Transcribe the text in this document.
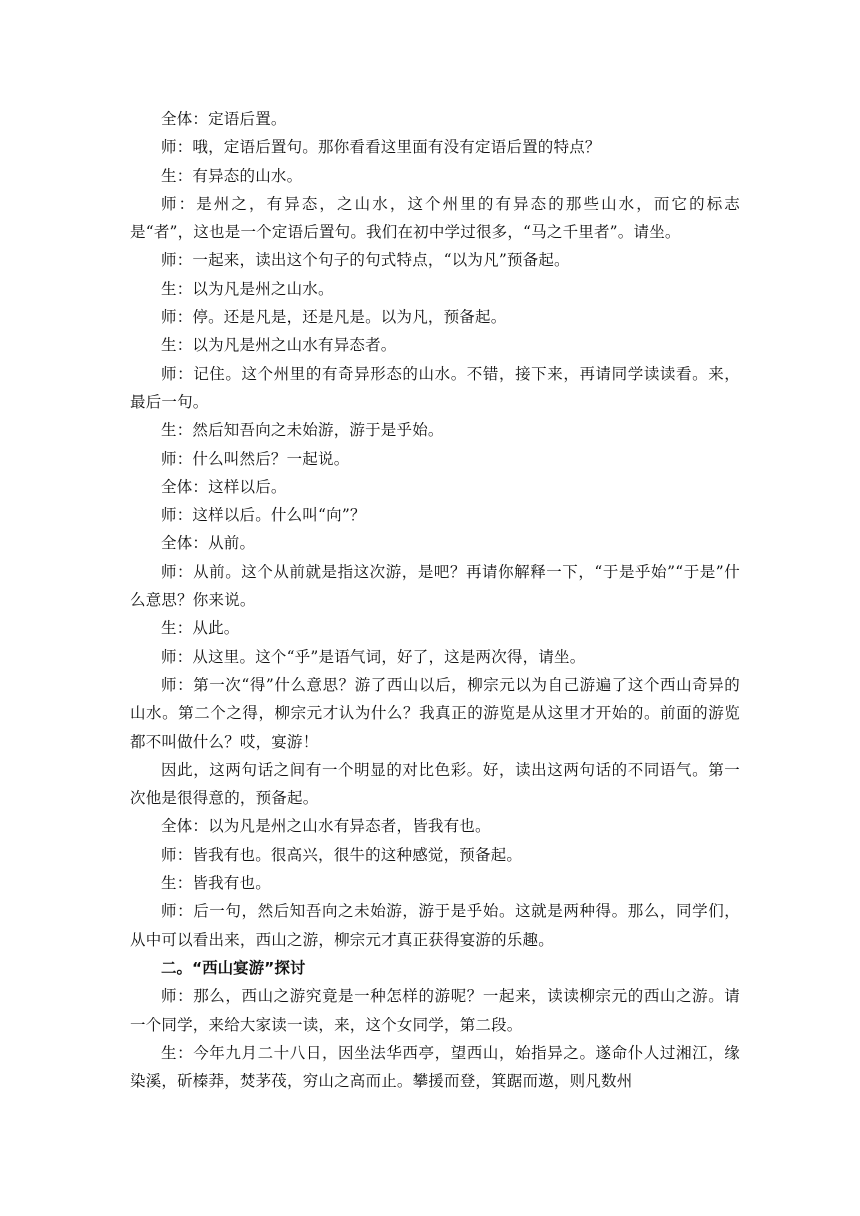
全体：定语后置。

师：哦，定语后置句。那你看看这里面有没有定语后置的特点？

生：有异态的山水。

师：是州之，有异态，之山水，这个州里的有异态的那些山水，而它的标志是“者”，这也是一个定语后置句。我们在初中学过很多，“马之千里者”。请坐。

师：一起来，读出这个句子的句式特点，“以为凡”预备起。

生：以为凡是州之山水。

师：停。还是凡是，还是凡是。以为凡，预备起。

生：以为凡是州之山水有异态者。

师：记住。这个州里的有奇异形态的山水。不错，接下来，再请同学读读看。来，最后一句。

生：然后知吾向之未始游，游于是乎始。

师：什么叫然后？一起说。

全体：这样以后。

师：这样以后。什么叫“向”？

全体：从前。

师：从前。这个从前就是指这次游，是吧？再请你解释一下，“于是乎始”“于是”什么意思？你来说。

生：从此。

师：从这里。这个“乎”是语气词，好了，这是两次得，请坐。

师：第一次“得”什么意思？游了西山以后，柳宗元以为自己游遍了这个西山奇异的山水。第二个之得，柳宗元才认为什么？我真正的游览是从这里才开始的。前面的游览都不叫做什么？哎，宴游！

因此，这两句话之间有一个明显的对比色彩。好，读出这两句话的不同语气。第一次他是很得意的，预备起。

全体：以为凡是州之山水有异态者，皆我有也。

师：皆我有也。很高兴，很牛的这种感觉，预备起。

生：皆我有也。

师：后一句，然后知吾向之未始游，游于是乎始。这就是两种得。那么，同学们，从中可以看出来，西山之游，柳宗元才真正获得宴游的乐趣。

二。“西山宴游”探讨

师：那么，西山之游究竟是一种怎样的游呢？一起来，读读柳宗元的西山之游。请一个同学，来给大家读一读，来，这个女同学，第二段。

生：今年九月二十八日，因坐法华西亭，望西山，始指异之。遂命仆人过湘江，缘染溪，斫榛莽，焚茅茷，穷山之高而止。攀援而登，箕踞而遨，则凡数州
